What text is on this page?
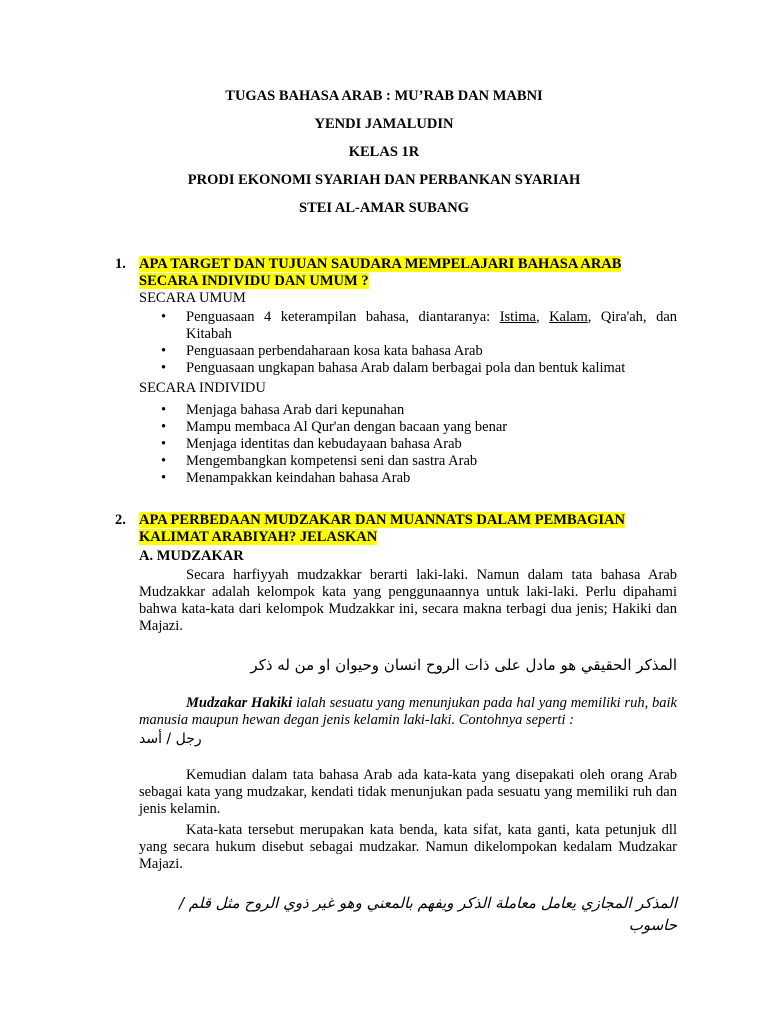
TUGAS BAHASA ARAB : MU’RAB DAN MABNI
YENDI JAMALUDIN
KELAS 1R
PRODI EKONOMI SYARIAH DAN PERBANKAN SYARIAH
STEI AL-AMAR SUBANG
1. APA TARGET DAN TUJUAN SAUDARA MEMPELAJARI BAHASA ARAB
SECARA INDIVIDU DAN UMUM ?
SECARA UMUM
• Penguasaan 4 keterampilan bahasa, diantaranya: Istima, Kalam, Qira'ah, dan Kitabah
• Penguasaan perbendaharaan kosa kata bahasa Arab
• Penguasaan ungkapan bahasa Arab dalam berbagai pola dan bentuk kalimat
SECARA INDIVIDU
• Menjaga bahasa Arab dari kepunahan
• Mampu membaca Al Qur'an dengan bacaan yang benar
• Menjaga identitas dan kebudayaan bahasa Arab
• Mengembangkan kompetensi seni dan sastra Arab
• Menampakkan keindahan bahasa Arab
2. APA PERBEDAAN MUDZAKAR DAN MUANNATS DALAM PEMBAGIAN
KALIMAT ARABIYAH? JELASKAN
A. MUDZAKAR

Secara harfiyyah mudzakkar berarti laki-laki. Namun dalam tata bahasa Arab Mudzakkar adalah kelompok kata yang penggunaannya untuk laki-laki. Perlu dipahami bahwa kata-kata dari kelompok Mudzakkar ini, secara makna terbagi dua jenis; Hakiki dan Majazi.

المذكر الحقيقي هو مادل على ذات الروح انسان وحيوان او من له ذكر

Mudzakar Hakiki ialah sesuatu yang menunjukan pada hal yang memiliki ruh, baik manusia maupun hewan degan jenis kelamin laki-laki. Contohnya seperti :

رجل / أسد

Kemudian dalam tata bahasa Arab ada kata-kata yang disepakati oleh orang Arab sebagai kata yang mudzakar, kendati tidak menunjukan pada sesuatu yang memiliki ruh dan jenis kelamin.

Kata-kata tersebut merupakan kata benda, kata sifat, kata ganti, kata petunjuk dll yang secara hukum disebut sebagai mudzakar. Namun dikelompokan kedalam Mudzakar Majazi.

المذكر المجازي يعامل معاملة الذكر ويفهم بالمعني وهو غير ذوي الروح مثل قلم / حاسوب
